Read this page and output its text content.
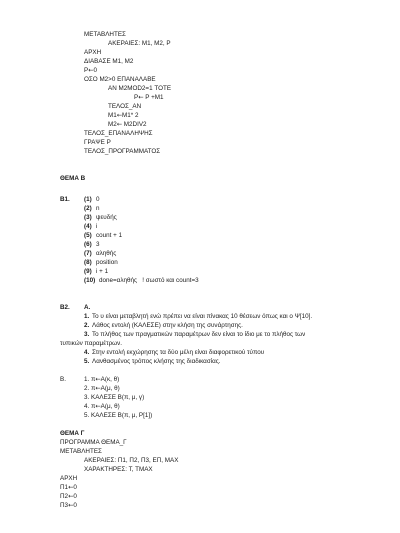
ΜΕΤΑΒΛΗΤΕΣ
ΑΚΕΡΑΙΕΣ: Μ1, Μ2, Ρ
ΑΡΧΗ
ΔΙΑΒΑΣΕ Μ1, Μ2
Ρ←0
ΟΣΟ Μ2>0 ΕΠΑΝΑΛΑΒΕ
ΑΝ Μ2MOD2=1 ΤΟΤΕ
Ρ← Ρ +Μ1
ΤΕΛΟΣ_ΑΝ
Μ1←Μ1* 2
Μ2← Μ2DIV2
ΤΕΛΟΣ_ΕΠΑΝΑΛΗΨΗΣ
ΓΡΑΨΕ Ρ
ΤΕΛΟΣ_ΠΡΟΓΡΑΜΜΑΤΟΣ
ΘΕΜΑ Β
Β1. (1) 0
(2) n
(3) ψευδής
(4) i
(5) count + 1
(6) 3
(7) αληθής
(8) position
(9) i + 1
(10) done=αληθής   ! σωστό και count=3
Β2. Α.
1. Το υ είναι μεταβλητή ενώ πρέπει να είναι πίνακας 10 θέσεων όπως και ο Ψ[10].
2. Λάθος εντολή (ΚΑΛΕΣΕ) στην κλήση της συνάρτησης.
3. Το πλήθος των πραγματικών παραμέτρων δεν είναι το ίδιο με το πλήθος των
τυπικών παραμέτρων.
4. Στην εντολή εκχώρησης τα δύο μέλη είναι διαφορετικού τύπου
5. Λανθασμένος τρόπος κλήσης της διαδικασίας.
Β.	1. π←Α(κ, θ)
2. π←Α(μ, θ)
3. ΚΑΛΕΣΕ Β(π, μ, γ)
4. π←Α(μ, θ)
5. ΚΑΛΕΣΕ Β(π, μ, Ρ[1])
ΘΕΜΑ Γ
ΠΡΟΓΡΑΜΜΑ ΘΕΜΑ_Γ
ΜΕΤΑΒΛΗΤΕΣ
ΑΚΕΡΑΙΕΣ: Π1, Π2, Π3, ΕΠ, ΜΑΧ
ΧΑΡΑΚΤΗΡΕΣ: Τ, ΤΜΑΧ
ΑΡΧΗ
Π1←0
Π2←0
Π3←0
